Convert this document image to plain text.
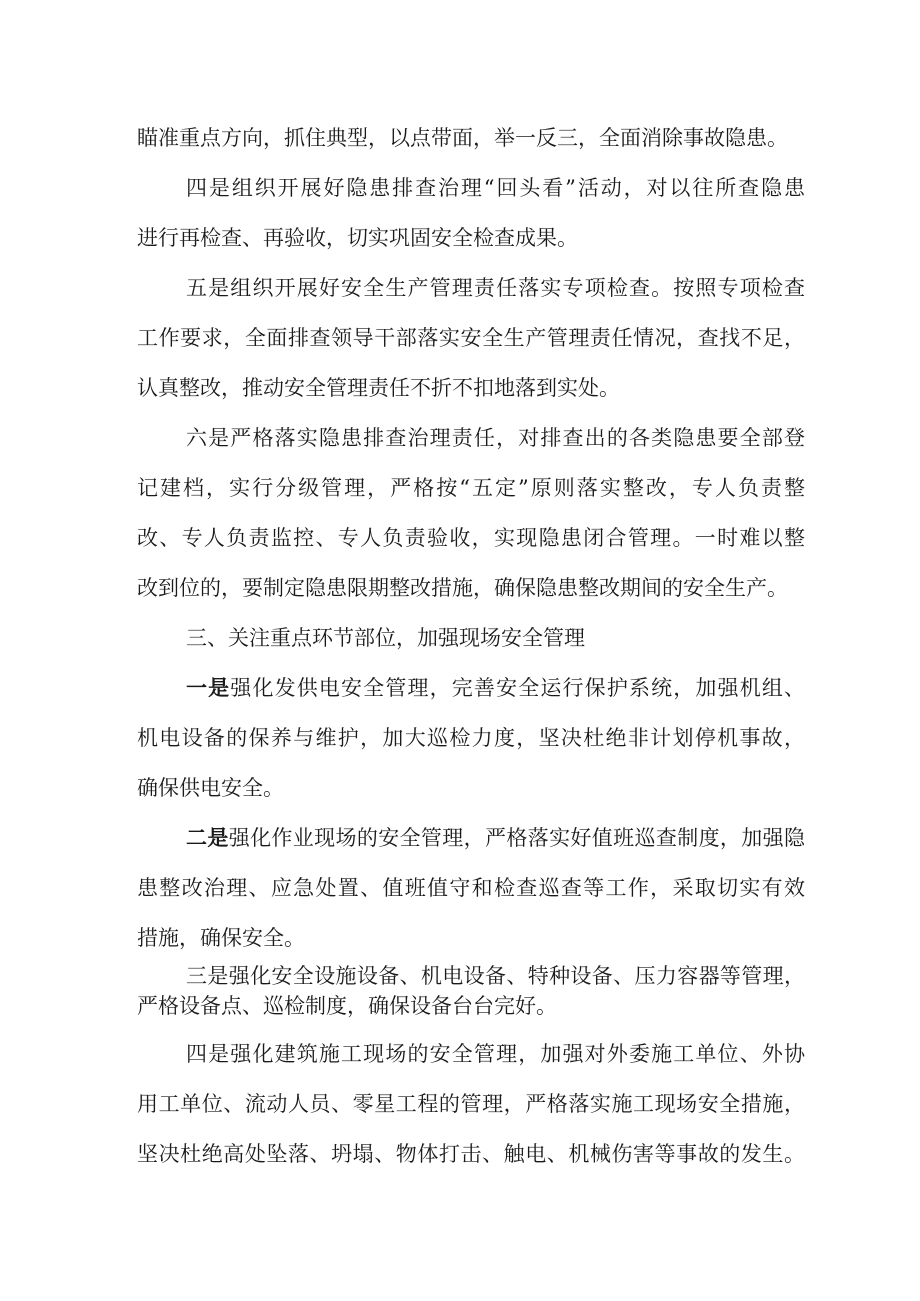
瞄准重点方向，抓住典型，以点带面，举一反三，全面消除事故隐患。
四是组织开展好隐患排查治理“回头看”活动，对以往所查隐患
进行再检查、再验收，切实巩固安全检查成果。
五是组织开展好安全生产管理责任落实专项检查。按照专项检查
工作要求，全面排查领导干部落实安全生产管理责任情况，查找不足，
认真整改，推动安全管理责任不折不扣地落到实处。
六是严格落实隐患排查治理责任，对排查出的各类隐患要全部登
记建档，实行分级管理，严格按“五定”原则落实整改，专人负责整
改、专人负责监控、专人负责验收，实现隐患闭合管理。一时难以整
改到位的，要制定隐患限期整改措施，确保隐患整改期间的安全生产。
三、关注重点环节部位，加强现场安全管理
一是强化发供电安全管理，完善安全运行保护系统，加强机组、
机电设备的保养与维护，加大巡检力度，坚决杜绝非计划停机事故，
确保供电安全。
二是强化作业现场的安全管理，严格落实好值班巡查制度，加强隐
患整改治理、应急处置、值班值守和检查巡查等工作，采取切实有效
措施，确保安全。
三是强化安全设施设备、机电设备、特种设备、压力容器等管理，
严格设备点、巡检制度，确保设备台台完好。
四是强化建筑施工现场的安全管理，加强对外委施工单位、外协
用工单位、流动人员、零星工程的管理，严格落实施工现场安全措施，
坚决杜绝高处坠落、坍塌、物体打击、触电、机械伤害等事故的发生。
